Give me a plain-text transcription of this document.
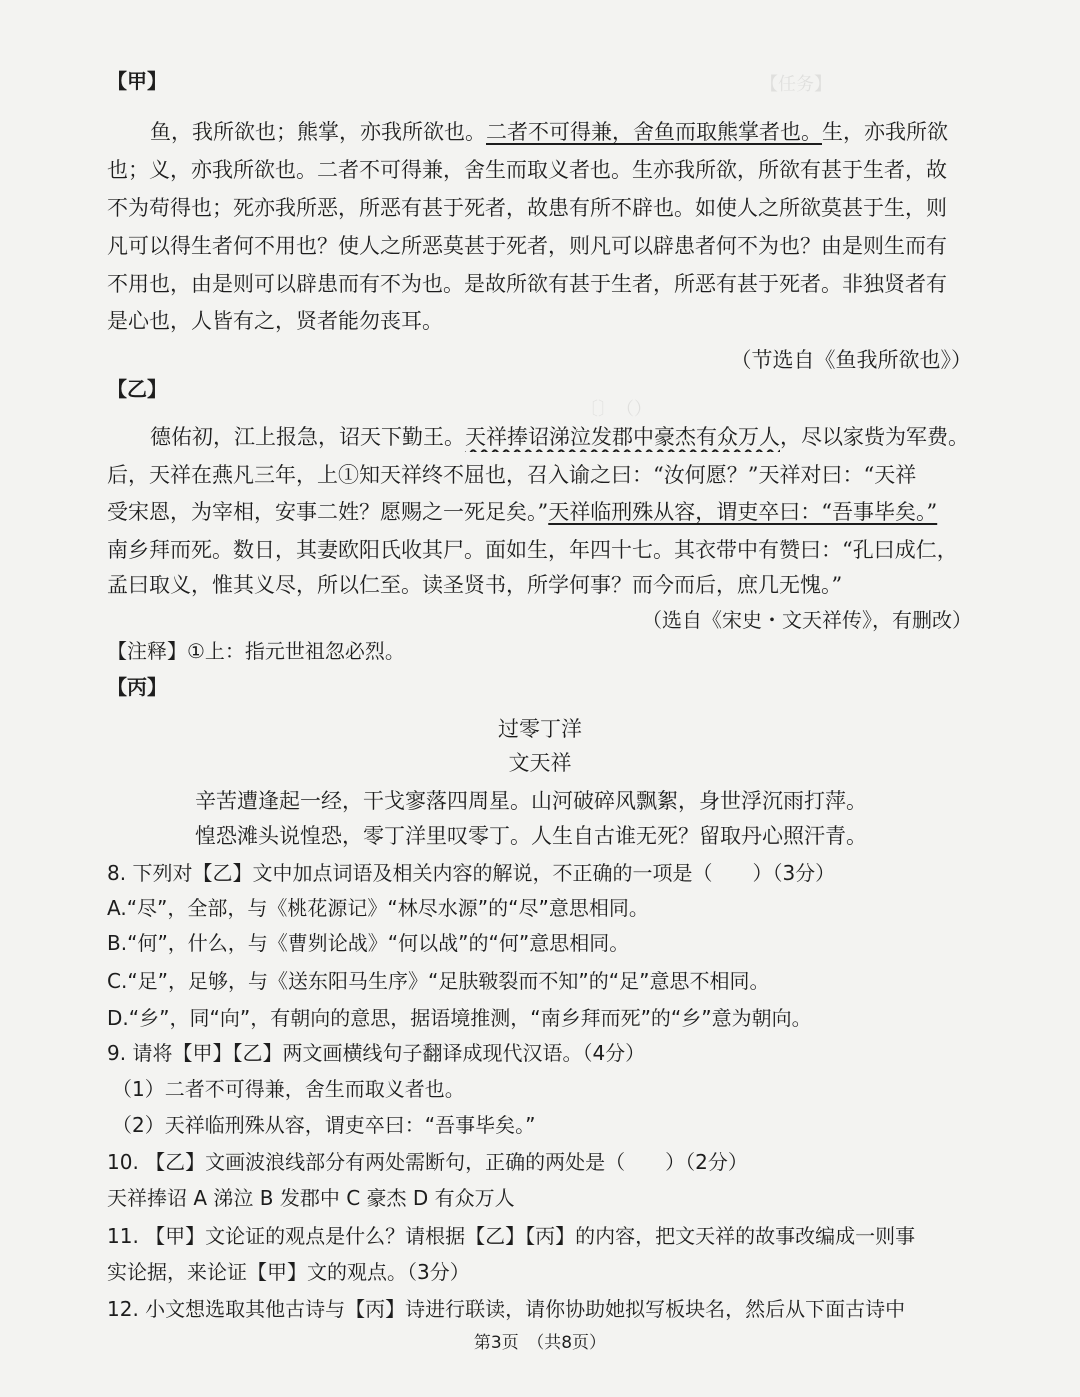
【任务】
〔〕　（）
【甲】
鱼，我所欲也；熊掌，亦我所欲也。二者不可得兼，舍鱼而取熊掌者也。生，亦我所欲
也；义，亦我所欲也。二者不可得兼，舍生而取义者也。生亦我所欲，所欲有甚于生者，故
不为苟得也；死亦我所恶，所恶有甚于死者，故患有所不辟也。如使人之所欲莫甚于生，则
凡可以得生者何不用也？使人之所恶莫甚于死者，则凡可以辟患者何不为也？由是则生而有
不用也，由是则可以辟患而有不为也。是故所欲有甚于生者，所恶有甚于死者。非独贤者有
是心也，人皆有之，贤者能勿丧耳。
（节选自《鱼我所欲也》）
【乙】
德佑初，江上报急，诏天下勤王。天祥捧诏涕泣发郡中豪杰有众万人，尽以家赀为军费。
后，天祥在燕凡三年，上①知天祥终不屈也，召入谕之曰：“汝何愿？”天祥对曰：“天祥
受宋恩，为宰相，安事二姓？愿赐之一死足矣。”天祥临刑殊从容，谓吏卒曰：“吾事毕矣。”
南乡拜而死。数日，其妻欧阳氏收其尸。面如生，年四十七。其衣带中有赞曰：“孔曰成仁，
孟曰取义，惟其义尽，所以仁至。读圣贤书，所学何事？而今而后，庶几无愧。”
（选自《宋史・文天祥传》，有删改）
【注释】①上：指元世祖忽必烈。
【丙】
过零丁洋
文天祥
辛苦遭逢起一经，干戈寥落四周星。山河破碎风飘絮，身世浮沉雨打萍。
惶恐滩头说惶恐，零丁洋里叹零丁。人生自古谁无死？留取丹心照汗青。
8. 下列对【乙】文中加点词语及相关内容的解说，不正确的一项是（　　）（3分）
A.“尽”，全部，与《桃花源记》“林尽水源”的“尽”意思相同。
B.“何”，什么，与《曹刿论战》“何以战”的“何”意思相同。
C.“足”，足够，与《送东阳马生序》“足肤皲裂而不知”的“足”意思不相同。
D.“乡”，同“向”，有朝向的意思，据语境推测，“南乡拜而死”的“乡”意为朝向。
9. 请将【甲】【乙】两文画横线句子翻译成现代汉语。（4分）
（1）二者不可得兼，舍生而取义者也。
（2）天祥临刑殊从容，谓吏卒曰：“吾事毕矣。”
10. 【乙】文画波浪线部分有两处需断句，正确的两处是（　　）（2分）
天祥捧诏 A 涕泣 B 发郡中 C 豪杰 D 有众万人
11. 【甲】文论证的观点是什么？请根据【乙】【丙】的内容，把文天祥的故事改编成一则事
实论据，来论证【甲】文的观点。（3分）
12. 小文想选取其他古诗与【丙】诗进行联读，请你协助她拟写板块名，然后从下面古诗中
第3页　（共8页）
